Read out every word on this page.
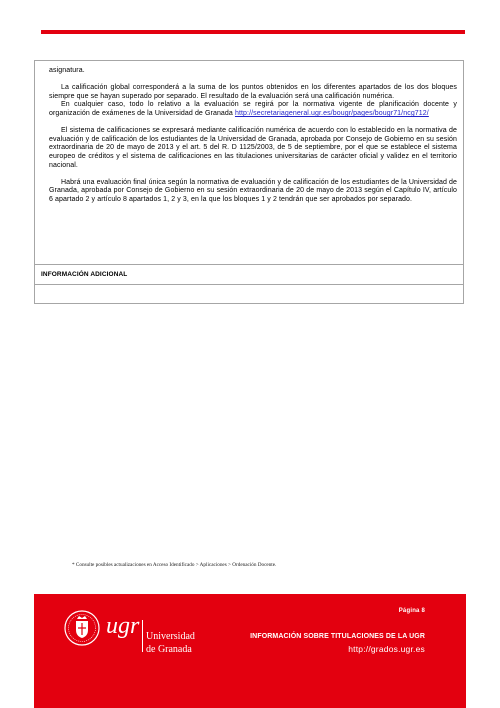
asignatura.

La calificación global corresponderá a la suma de los puntos obtenidos en los diferentes apartados de los dos bloques siempre que se hayan superado por separado. El resultado de la evaluación será una calificación numérica.

En cualquier caso, todo lo relativo a la evaluación se regirá por la normativa vigente de planificación docente y organización de exámenes de la Universidad de Granada http://secretariageneral.ugr.es/bougr/pages/bougr71/ncg712/

El sistema de calificaciones se expresará mediante calificación numérica de acuerdo con lo establecido en la normativa de evaluación y de calificación de los estudiantes de la Universidad de Granada, aprobada por Consejo de Gobierno en su sesión extraordinaria de 20 de mayo de 2013 y el art. 5 del R. D 1125/2003, de 5 de septiembre, por el que se establece el sistema europeo de créditos y el sistema de calificaciones en las titulaciones universitarias de carácter oficial y validez en el territorio nacional.

Habrá una evaluación final única según la normativa de evaluación y de calificación de los estudiantes de la Universidad de Granada, aprobada por Consejo de Gobierno en su sesión extraordinaria de 20 de mayo de 2013 según el Capítulo IV, artículo 6 apartado 2 y artículo 8 apartados 1, 2 y 3, en la que los bloques 1 y 2 tendrán que ser aprobados por separado.

INFORMACIÓN ADICIONAL
* Consulte posibles actualizaciones en Acceso Identificado > Aplicaciones > Ordenación Docente.
ugr Universidad
de Granada
Página 8
INFORMACIÓN SOBRE TITULACIONES DE LA UGR
http://grados.ugr.es
